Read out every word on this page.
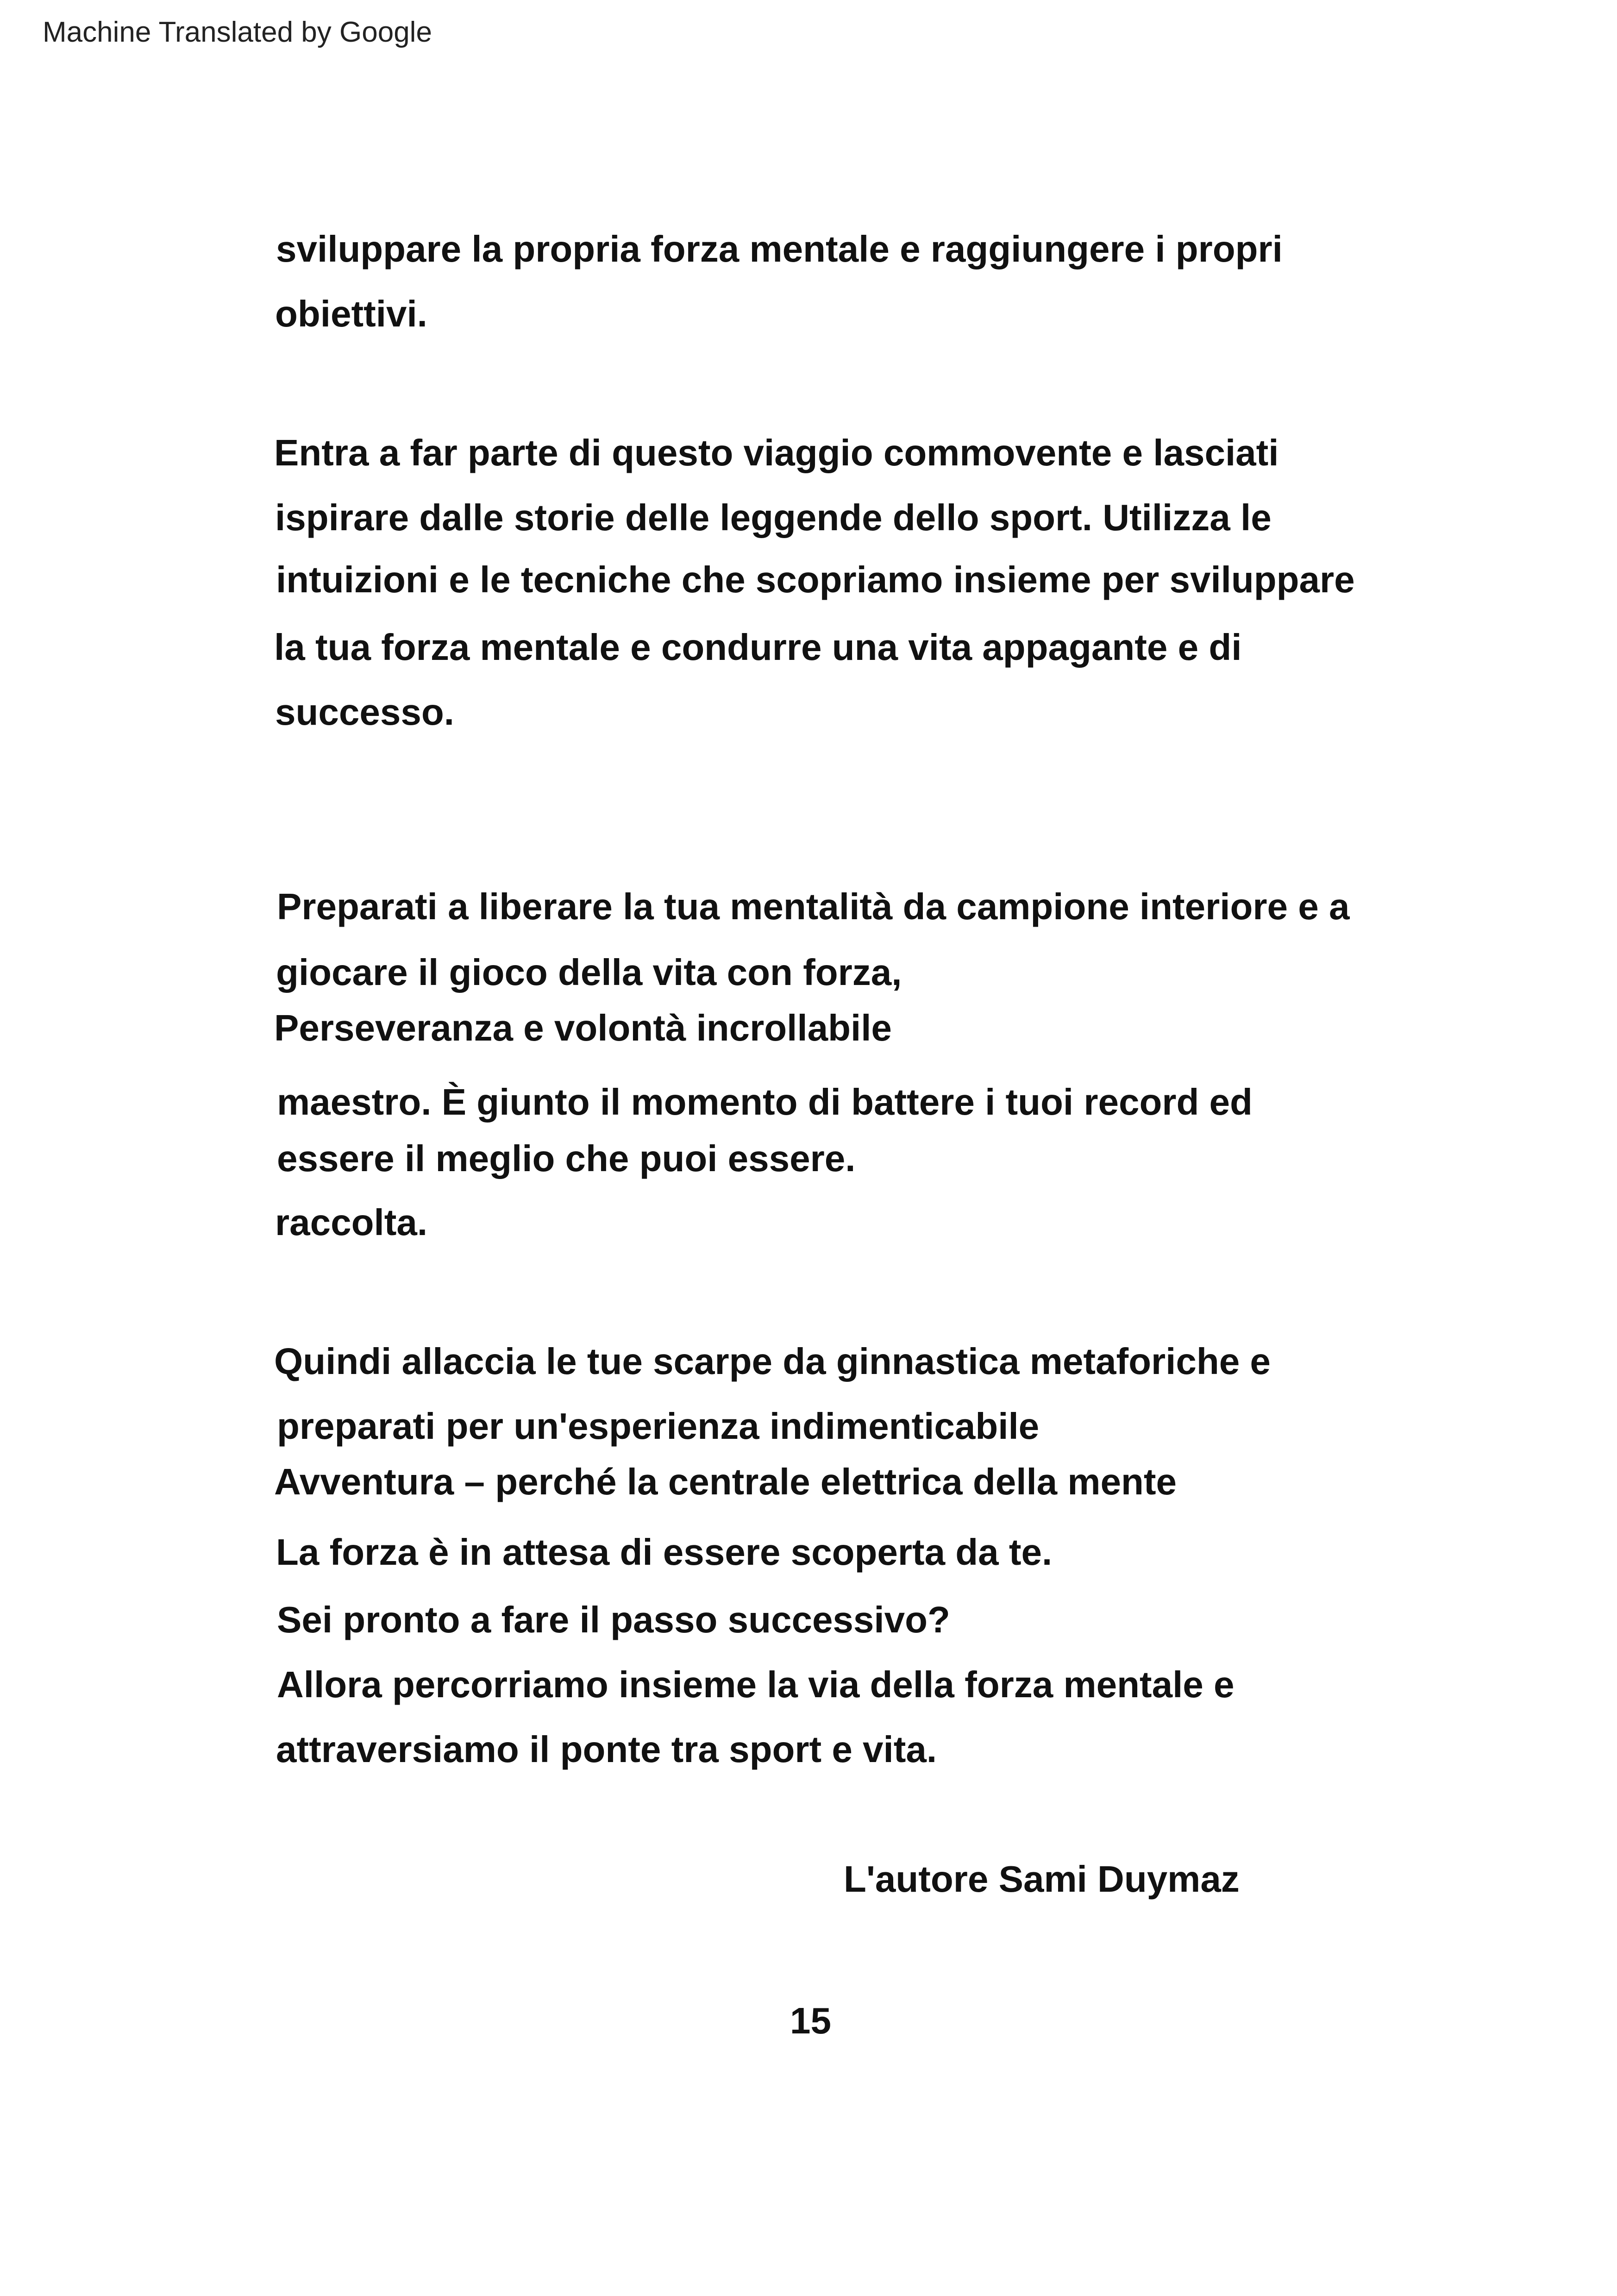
Machine Translated by Google
sviluppare la propria forza mentale e raggiungere i propri
obiettivi.
Entra a far parte di questo viaggio commovente e lasciati
ispirare dalle storie delle leggende dello sport. Utilizza le
intuizioni e le tecniche che scopriamo insieme per sviluppare
la tua forza mentale e condurre una vita appagante e di
successo.
Preparati a liberare la tua mentalità da campione interiore e a
giocare il gioco della vita con forza,
Perseveranza e volontà incrollabile
maestro. È giunto il momento di battere i tuoi record ed
essere il meglio che puoi essere.
raccolta.
Quindi allaccia le tue scarpe da ginnastica metaforiche e
preparati per un'esperienza indimenticabile
Avventura – perché la centrale elettrica della mente
La forza è in attesa di essere scoperta da te.
Sei pronto a fare il passo successivo?
Allora percorriamo insieme la via della forza mentale e
attraversiamo il ponte tra sport e vita.
L'autore Sami Duymaz
15
